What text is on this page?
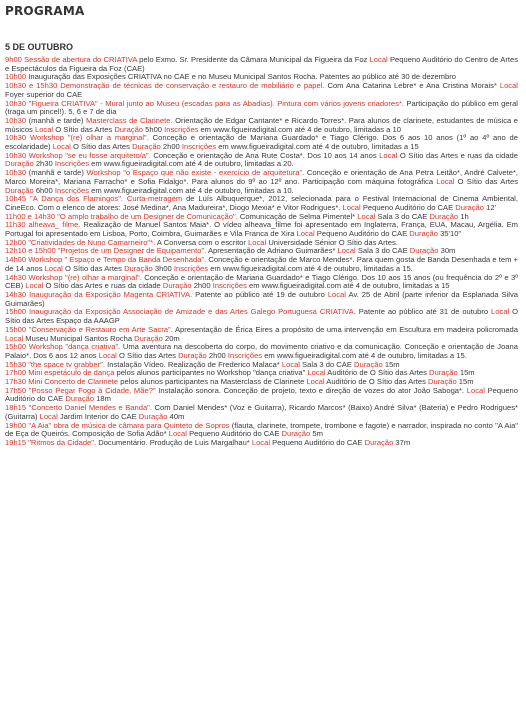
PROGRAMA
5 DE OUTUBRO

9h00 Sessão de abertura do CRIATIVA pelo Exmo. Sr. Presidente da Câmara Municipal da Figueira da Foz Local Pequeno Auditório do Centro de Artes e Espectáculos da Figueira da Foz (CAE)

10h00 Inauguração das Exposições CRIATIVA no CAE e no Museu Municipal Santos Rocha. Patentes ao público até 30 de dezembro

10h30 e 15h30 Demonstração de técnicas de conservação e restauro de mobiliário e papel. Com Ana Catarina Lebre* e Ana Cristina Morais* Local Foyer superior do CAE

10h30 "Figueira CRIATIVA" - Mural junto ao Museu (escadas para as Abadias). Pintura com vários jovens criadores*. Participação do público em geral (traga um pincel!). 5, 6 e 7 de dia

10h30 (manhã e tarde) Masterclass de Clarinete. Orientação de Edgar Cantante* e Ricardo Torres*. Para alunos de clarinete, estudantes de música e músicos Local O Sítio das Artes Duração 5h00 Inscrições em www.figueiradigital.com até 4 de outubro, limitadas a 10

10h30 Workshop "(re) olhar a marginal". Conceção e orientação de Mariana Guardado* e Tiago Clérigo. Dos 6 aos 10 anos (1º ao 4º ano de escolaridade) Local O Sítio das Artes Duração 2h00 Inscrições em www.figueiradigital.com até 4 de outubro, limitadas a 15

10h30 Workshop "se eu fosse arquiteto/a". Conceção e orientação de Ana Rute Costa*. Dos 10 aos 14 anos Local O Sítio das Artes e ruas da cidade Duração 2h30 Inscrições em www.figueiradigital.com até 4 de outubro, limitadas a 20.

10h30 (manhã e tarde) Workshop "o Espaço que não existe - exercício de arquitetura". Conceção e orientação de Ana Petra Leitão*, André Calvete*, Marco Moreira*, Mariana Farracho* e Sofia Fidalgo*. Para alunos do 9º ao 12º ano. Participação com máquina fotográfica Local O Sítio das Artes Duração 6h00 Inscrições em www.figueiradigital.com até 4 de outubro, limitadas a 10.

10h45 "A Dança dos Flamingos". Curta-metragem de Luís Albuquerque*, 2012, selecionada para o Festival Internacional de Cinema Ambiental, CineEco. Com o elenco de atores: José Medina*, Ana Madureira*, Diogo Mexia* e Vitor Rodrigues*. Local Pequeno Auditório do CAE Duração 12'

11h00 e 14h30 "O amplo trabalho de um Designer de Comunicação". Comunicação de Selma Pimentel* Local Sala 3 do CAE Duração 1h

11h30 alheava_ filme. Realização de Manuel Santos Maia*. O vídeo alheava_filme foi apresentado em Inglaterra, França, EUA, Macau, Argélia. Em Portugal foi apresentado em Lisboa, Porto, Coimbra, Guimarães e Vila Franca de Xira Local Pequeno Auditório do CAE Duração 35'10''

12h00 "Criatividades de Nuno Camarneiro"*. A Conversa com o escritor Local Universidade Sénior O Sítio das Artes.

12h10 e 15h00 "Projetos de um Designer de Equipamento". Apresentação de Adriano Guimarães* Local Sala 3 do CAE Duração 30m

14h00 Workshop " Espaço e Tempo da Banda Desenhada". Conceção e orientação de Marco Mendes*. Para quem gosta de Banda Desenhada e tem + de 14 anos Local O Sítio das Artes Duração 3h00 Inscrições em www.figueiradigital.com até 4 de outubro, limitadas a 15.

14h30 Workshop "(re) olhar a marginal". Conceção e orientação de Mariana Guardado* e Tiago Clérigo. Dos 10 aos 15 anos (ou frequência do 2º e 3º CEB) Local O Sítio das Artes e ruas da cidade Duração 2h00 Inscrições em www.figueiradigital.com até 4 de outubro, limitadas a 15

14h30 Inauguração da Exposição Magenta CRIATIVA. Patente ao público até 19 de outubro Local Av. 25 de Abril (parte inferior da Esplanada Silva Guimarães)

15h00 Inauguração da Exposição Associação de Amizade e das Artes Galego Portuguesa CRIATIVA. Patente ao público até 31 de outubro Local O Sítio das Artes Espaço da AAAGP

15h00 "Conservação e Restauro em Arte Sacra". Apresentação de Érica Eires a propósito de uma intervenção em Escultura em madeira policromada Local Museu Municipal Santos Rocha Duração 20m

15h00 Workshop "dança criativa". Uma aventura na descoberta do corpo, do movimento criativo e da comunicação. Conceção e orientação de Joana Palaio*. Dos 6 aos 12 anos Local O Sítio das Artes Duração 2h00 Inscrições em www.figueiradigital.com até 4 de outubro, limitadas a 15.

15h30 "the space tv grabber". Instalação Vídeo. Realização de Frederico Malaca* Local Sala 3 do CAE Duração 15m

17h00 Mini espetáculo de dança pelos alunos participantes no Workshop "dança criativa" Local Auditório de O Sítio das Artes Duração 15m

17h30 Mini Concerto de Clarinete pelos alunos participantes na Masterclass de Clarinete Local Auditório de O Sítio das Artes Duração 15m

17h50 "Posso Pegar Fogo à Cidade, Mãe?" Instalação sonora. Conceção de projeto, texto e direção de vozes do ator João Saboga*. Local Pequeno Auditório do CAE Duração 18m

18h15 "Concerto Daniel Mendes e Banda". Com Daniel Mendes* (Voz e Guitarra), Ricardo Marcos* (Baixo) André Silva* (Bateria) e Pedro Rodrigues* (Guitarra) Local Jardim Interior do CAE Duração 40m

19h00 "A Aia" obra de música de câmara para Quinteto de Sopros (flauta, clarinete, trompete, trombone e fagote) e narrador, inspirada no conto "A Aia" de Eça de Queirós. Composição de Sofia Adão* Local Pequeno Auditório do CAE Duração 5m

19h15 "Ritmos da Cidade". Documentário. Produção de Luis Margalhau* Local Pequeno Auditório do CAE Duração 37m
